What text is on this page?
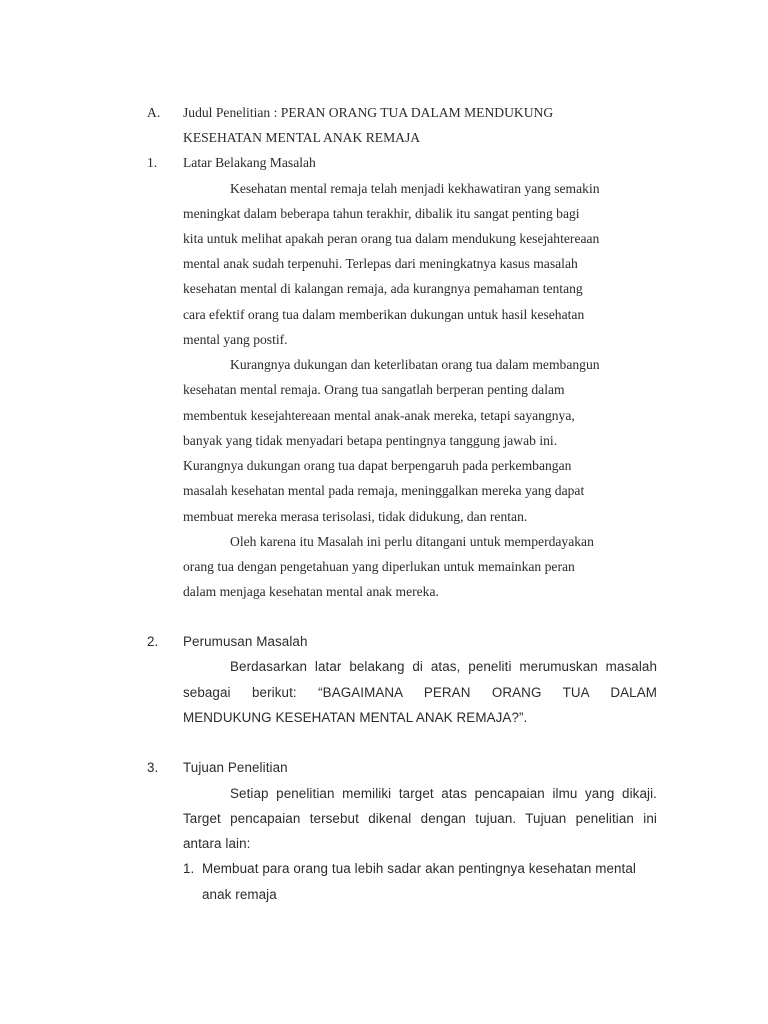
A. Judul Penelitian : PERAN ORANG TUA DALAM MENDUKUNG
KESEHATAN MENTAL ANAK REMAJA
1. Latar Belakang Masalah
Kesehatan mental remaja telah menjadi kekhawatiran yang semakin
meningkat dalam beberapa tahun terakhir, dibalik itu sangat penting bagi
kita untuk melihat apakah peran orang tua dalam mendukung kesejahtereaan
mental anak sudah terpenuhi. Terlepas dari meningkatnya kasus masalah
kesehatan mental di kalangan remaja, ada kurangnya pemahaman tentang
cara efektif orang tua dalam memberikan dukungan untuk hasil kesehatan
mental yang postif.
Kurangnya dukungan dan keterlibatan orang tua dalam membangun
kesehatan mental remaja. Orang tua sangatlah berperan penting dalam
membentuk kesejahtereaan mental anak-anak mereka, tetapi sayangnya,
banyak yang tidak menyadari betapa pentingnya tanggung jawab ini.
Kurangnya dukungan orang tua dapat berpengaruh pada perkembangan
masalah kesehatan mental pada remaja, meninggalkan mereka yang dapat
membuat mereka merasa terisolasi, tidak didukung, dan rentan.
Oleh karena itu Masalah ini perlu ditangani untuk memperdayakan
orang tua dengan pengetahuan yang diperlukan untuk memainkan peran
dalam menjaga kesehatan mental anak mereka.
2. Perumusan Masalah
Berdasarkan latar belakang di atas, peneliti merumuskan masalah
sebagai berikut: “BAGAIMANA PERAN ORANG TUA DALAM
MENDUKUNG KESEHATAN MENTAL ANAK REMAJA?”.
3. Tujuan Penelitian
Setiap penelitian memiliki target atas pencapaian ilmu yang dikaji.
Target pencapaian tersebut dikenal dengan tujuan. Tujuan penelitian ini
antara lain:
1. Membuat para orang tua lebih sadar akan pentingnya kesehatan mental
anak remaja
